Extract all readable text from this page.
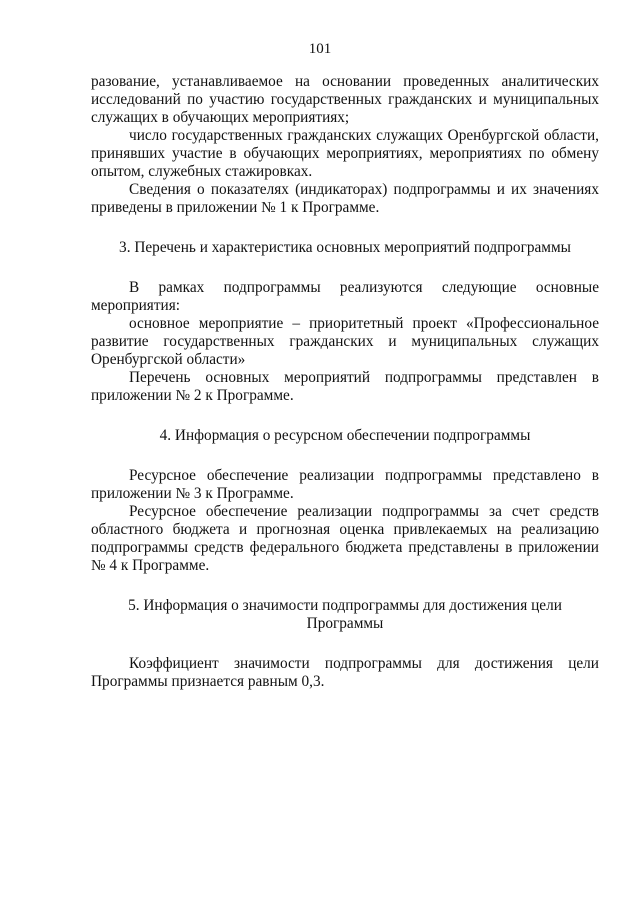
101

разование, устанавливаемое на основании проведенных аналитических исследований по участию государственных гражданских и муниципальных служащих в обучающих мероприятиях;

число государственных гражданских служащих Оренбургской области, принявших участие в обучающих мероприятиях, мероприятиях по обмену опытом, служебных стажировках.

Сведения о показателях (индикаторах) подпрограммы и их значениях приведены в приложении № 1 к Программе.

3. Перечень и характеристика основных мероприятий подпрограммы

В рамках подпрограммы реализуются следующие основные мероприятия:

основное мероприятие – приоритетный проект «Профессиональное развитие государственных гражданских и муниципальных служащих Оренбургской области»

Перечень основных мероприятий подпрограммы представлен в приложении № 2 к Программе.

4. Информация о ресурсном обеспечении подпрограммы

Ресурсное обеспечение реализации подпрограммы представлено в приложении № 3 к Программе.

Ресурсное обеспечение реализации подпрограммы за счет средств областного бюджета и прогнозная оценка привлекаемых на реализацию подпрограммы средств федерального бюджета представлены в приложении № 4 к Программе.

5. Информация о значимости подпрограммы для достижения цели

Программы

Коэффициент значимости подпрограммы для достижения цели Программы признается равным 0,3.
